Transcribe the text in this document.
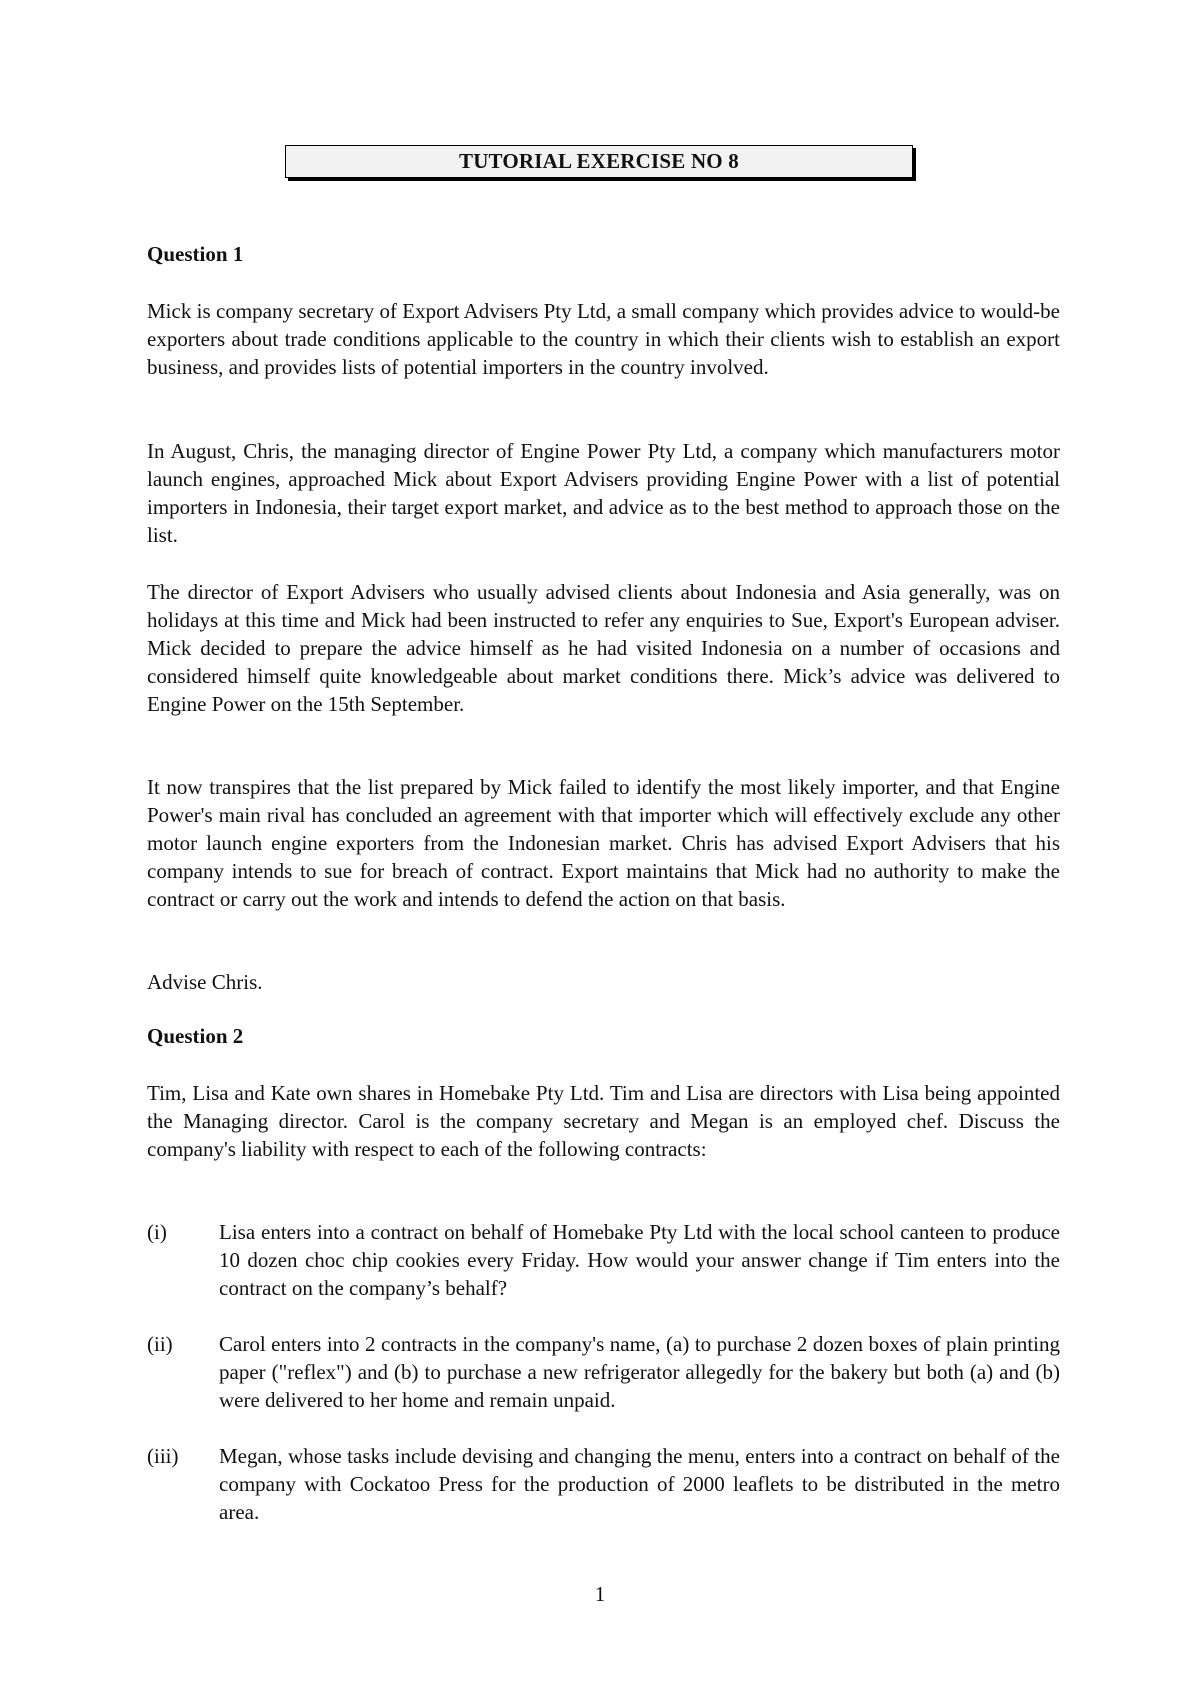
TUTORIAL EXERCISE NO 8
Question 1
Mick is company secretary of Export Advisers Pty Ltd, a small company which provides advice to would-be exporters about trade conditions applicable to the country in which their clients wish to establish an export business, and provides lists of potential importers in the country involved.
In August, Chris, the managing director of Engine Power Pty Ltd, a company which manufacturers motor launch engines, approached Mick about Export Advisers providing Engine Power with a list of potential importers in Indonesia, their target export market, and advice as to the best method to approach those on the list.
The director of Export Advisers who usually advised clients about Indonesia and Asia generally, was on holidays at this time and Mick had been instructed to refer any enquiries to Sue, Export's European adviser. Mick decided to prepare the advice himself as he had visited Indonesia on a number of occasions and considered himself quite knowledgeable about market conditions there. Mick’s advice was delivered to Engine Power on the 15th September.
It now transpires that the list prepared by Mick failed to identify the most likely importer, and that Engine Power's main rival has concluded an agreement with that importer which will effectively exclude any other motor launch engine exporters from the Indonesian market. Chris has advised Export Advisers that his company intends to sue for breach of contract. Export maintains that Mick had no authority to make the contract or carry out the work and intends to defend the action on that basis.
Advise Chris.
Question 2
Tim, Lisa and Kate own shares in Homebake Pty Ltd. Tim and Lisa are directors with Lisa being appointed the Managing director. Carol is the company secretary and Megan is an employed chef. Discuss the company's liability with respect to each of the following contracts:
(i)	Lisa enters into a contract on behalf of Homebake Pty Ltd with the local school canteen to produce 10 dozen choc chip cookies every Friday. How would your answer change if Tim enters into the contract on the company’s behalf?
(ii)	Carol enters into 2 contracts in the company's name, (a) to purchase 2 dozen boxes of plain printing paper ("reflex") and (b) to purchase a new refrigerator allegedly for the bakery but both (a) and (b) were delivered to her home and remain unpaid.
(iii)	Megan, whose tasks include devising and changing the menu, enters into a contract on behalf of the company with Cockatoo Press for the production of 2000 leaflets to be distributed in the metro area.
1
